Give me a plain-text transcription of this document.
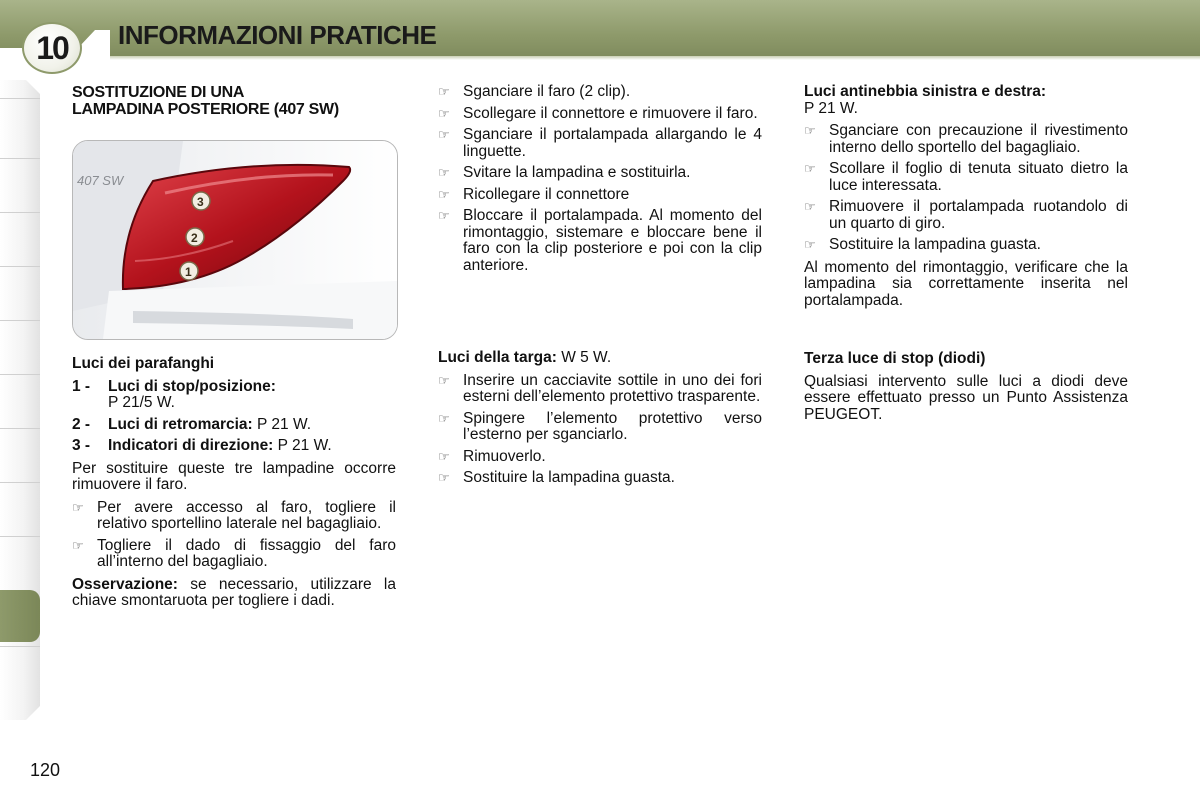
10	INFORMAZIONI PRATICHE
SOSTITUZIONE DI UNA
LAMPADINA POSTERIORE (407 SW)
407 SW
3
2
1

Luci dei parafanghi

1 - Luci di stop/posizione:
P 21/5 W.
2 - Luci di retromarcia: P 21 W.
3 - Indicatori di direzione: P 21 W.

Per sostituire queste tre lampadine occorre rimuovere il faro.

☞ Per avere accesso al faro, togliere il relativo sportellino laterale nel bagagliaio.
☞ Togliere il dado di fissaggio del faro all’interno del bagagliaio.

Osservazione: se necessario, utilizzare la chiave smontaruota per togliere i dadi.

☞ Sganciare il faro (2 clip).
☞ Scollegare il connettore e rimuovere il faro.
☞ Sganciare il portalampada allargando le 4 linguette.
☞ Svitare la lampadina e sostituirla.
☞ Ricollegare il connettore
☞ Bloccare il portalampada. Al momento del rimontaggio, sistemare e bloccare bene il faro con la clip posteriore e poi con la clip anteriore.

Luci della targa: W 5 W.

☞ Inserire un cacciavite sottile in uno dei fori esterni dell’elemento protettivo trasparente.
☞ Spingere l’elemento protettivo verso l’esterno per sganciarlo.
☞ Rimuoverlo.
☞ Sostituire la lampadina guasta.

Luci antinebbia sinistra e destra:
P 21 W.

☞ Sganciare con precauzione il rivestimento interno dello sportello del bagagliaio.
☞ Scollare il foglio di tenuta situato dietro la luce interessata.
☞ Rimuovere il portalampada ruotandolo di un quarto di giro.
☞ Sostituire la lampadina guasta.

Al momento del rimontaggio, verificare che la lampadina sia correttamente inserita nel portalampada.

Terza luce di stop (diodi)

Qualsiasi intervento sulle luci a diodi deve essere effettuato presso un Punto Assistenza PEUGEOT.

120
